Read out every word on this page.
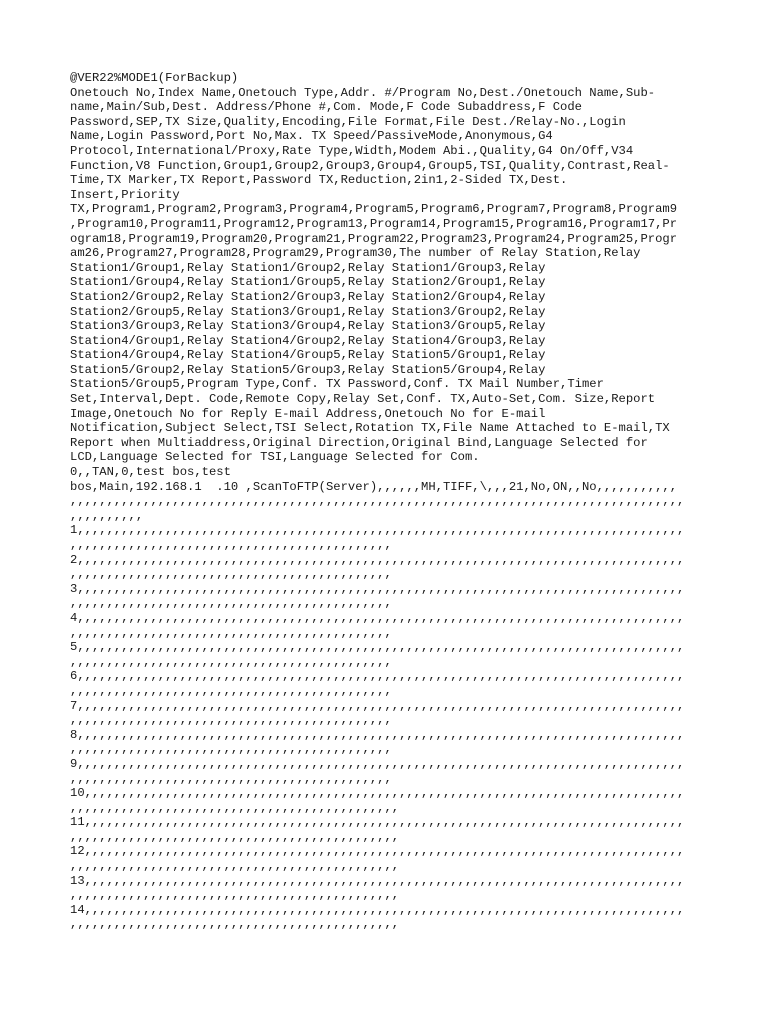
@VER22%MODE1(ForBackup)
Onetouch No,Index Name,Onetouch Type,Addr. #/Program No,Dest./Onetouch Name,Sub-
name,Main/Sub,Dest. Address/Phone #,Com. Mode,F Code Subaddress,F Code
Password,SEP,TX Size,Quality,Encoding,File Format,File Dest./Relay-No.,Login
Name,Login Password,Port No,Max. TX Speed/PassiveMode,Anonymous,G4
Protocol,International/Proxy,Rate Type,Width,Modem Abi.,Quality,G4 On/Off,V34
Function,V8 Function,Group1,Group2,Group3,Group4,Group5,TSI,Quality,Contrast,Real-
Time,TX Marker,TX Report,Password TX,Reduction,2in1,2-Sided TX,Dest.
Insert,Priority
TX,Program1,Program2,Program3,Program4,Program5,Program6,Program7,Program8,Program9
,Program10,Program11,Program12,Program13,Program14,Program15,Program16,Program17,Pr
ogram18,Program19,Program20,Program21,Program22,Program23,Program24,Program25,Progr
am26,Program27,Program28,Program29,Program30,The number of Relay Station,Relay
Station1/Group1,Relay Station1/Group2,Relay Station1/Group3,Relay
Station1/Group4,Relay Station1/Group5,Relay Station2/Group1,Relay
Station2/Group2,Relay Station2/Group3,Relay Station2/Group4,Relay
Station2/Group5,Relay Station3/Group1,Relay Station3/Group2,Relay
Station3/Group3,Relay Station3/Group4,Relay Station3/Group5,Relay
Station4/Group1,Relay Station4/Group2,Relay Station4/Group3,Relay
Station4/Group4,Relay Station4/Group5,Relay Station5/Group1,Relay
Station5/Group2,Relay Station5/Group3,Relay Station5/Group4,Relay
Station5/Group5,Program Type,Conf. TX Password,Conf. TX Mail Number,Timer
Set,Interval,Dept. Code,Remote Copy,Relay Set,Conf. TX,Auto-Set,Com. Size,Report
Image,Onetouch No for Reply E-mail Address,Onetouch No for E-mail
Notification,Subject Select,TSI Select,Rotation TX,File Name Attached to E-mail,TX
Report when Multiaddress,Original Direction,Original Bind,Language Selected for
LCD,Language Selected for TSI,Language Selected for Com.
0,,TAN,0,test bos,test
bos,Main,192.168.1  .10 ,ScanToFTP(Server),,,,,,MH,TIFF,\,,,21,No,ON,,No,,,,,,,,,,,
,,,,,,,,,,,,,,,,,,,,,,,,,,,,,,,,,,,,,,,,,,,,,,,,,,,,,,,,,,,,,,,,,,,,,,,,,,,,,,,,,,,,
,,,,,,,,,,
1,,,,,,,,,,,,,,,,,,,,,,,,,,,,,,,,,,,,,,,,,,,,,,,,,,,,,,,,,,,,,,,,,,,,,,,,,,,,,,,,,,,
,,,,,,,,,,,,,,,,,,,,,,,,,,,,,,,,,,,,,,,,,,,,
2,,,,,,,,,,,,,,,,,,,,,,,,,,,,,,,,,,,,,,,,,,,,,,,,,,,,,,,,,,,,,,,,,,,,,,,,,,,,,,,,,,,
,,,,,,,,,,,,,,,,,,,,,,,,,,,,,,,,,,,,,,,,,,,,
3,,,,,,,,,,,,,,,,,,,,,,,,,,,,,,,,,,,,,,,,,,,,,,,,,,,,,,,,,,,,,,,,,,,,,,,,,,,,,,,,,,,
,,,,,,,,,,,,,,,,,,,,,,,,,,,,,,,,,,,,,,,,,,,,
4,,,,,,,,,,,,,,,,,,,,,,,,,,,,,,,,,,,,,,,,,,,,,,,,,,,,,,,,,,,,,,,,,,,,,,,,,,,,,,,,,,,
,,,,,,,,,,,,,,,,,,,,,,,,,,,,,,,,,,,,,,,,,,,,
5,,,,,,,,,,,,,,,,,,,,,,,,,,,,,,,,,,,,,,,,,,,,,,,,,,,,,,,,,,,,,,,,,,,,,,,,,,,,,,,,,,,
,,,,,,,,,,,,,,,,,,,,,,,,,,,,,,,,,,,,,,,,,,,,
6,,,,,,,,,,,,,,,,,,,,,,,,,,,,,,,,,,,,,,,,,,,,,,,,,,,,,,,,,,,,,,,,,,,,,,,,,,,,,,,,,,,
,,,,,,,,,,,,,,,,,,,,,,,,,,,,,,,,,,,,,,,,,,,,
7,,,,,,,,,,,,,,,,,,,,,,,,,,,,,,,,,,,,,,,,,,,,,,,,,,,,,,,,,,,,,,,,,,,,,,,,,,,,,,,,,,,
,,,,,,,,,,,,,,,,,,,,,,,,,,,,,,,,,,,,,,,,,,,,
8,,,,,,,,,,,,,,,,,,,,,,,,,,,,,,,,,,,,,,,,,,,,,,,,,,,,,,,,,,,,,,,,,,,,,,,,,,,,,,,,,,,
,,,,,,,,,,,,,,,,,,,,,,,,,,,,,,,,,,,,,,,,,,,,
9,,,,,,,,,,,,,,,,,,,,,,,,,,,,,,,,,,,,,,,,,,,,,,,,,,,,,,,,,,,,,,,,,,,,,,,,,,,,,,,,,,,
,,,,,,,,,,,,,,,,,,,,,,,,,,,,,,,,,,,,,,,,,,,,
10,,,,,,,,,,,,,,,,,,,,,,,,,,,,,,,,,,,,,,,,,,,,,,,,,,,,,,,,,,,,,,,,,,,,,,,,,,,,,,,,,,
,,,,,,,,,,,,,,,,,,,,,,,,,,,,,,,,,,,,,,,,,,,,,
11,,,,,,,,,,,,,,,,,,,,,,,,,,,,,,,,,,,,,,,,,,,,,,,,,,,,,,,,,,,,,,,,,,,,,,,,,,,,,,,,,,
,,,,,,,,,,,,,,,,,,,,,,,,,,,,,,,,,,,,,,,,,,,,,
12,,,,,,,,,,,,,,,,,,,,,,,,,,,,,,,,,,,,,,,,,,,,,,,,,,,,,,,,,,,,,,,,,,,,,,,,,,,,,,,,,,
,,,,,,,,,,,,,,,,,,,,,,,,,,,,,,,,,,,,,,,,,,,,,
13,,,,,,,,,,,,,,,,,,,,,,,,,,,,,,,,,,,,,,,,,,,,,,,,,,,,,,,,,,,,,,,,,,,,,,,,,,,,,,,,,,
,,,,,,,,,,,,,,,,,,,,,,,,,,,,,,,,,,,,,,,,,,,,,
14,,,,,,,,,,,,,,,,,,,,,,,,,,,,,,,,,,,,,,,,,,,,,,,,,,,,,,,,,,,,,,,,,,,,,,,,,,,,,,,,,,
,,,,,,,,,,,,,,,,,,,,,,,,,,,,,,,,,,,,,,,,,,,,,
